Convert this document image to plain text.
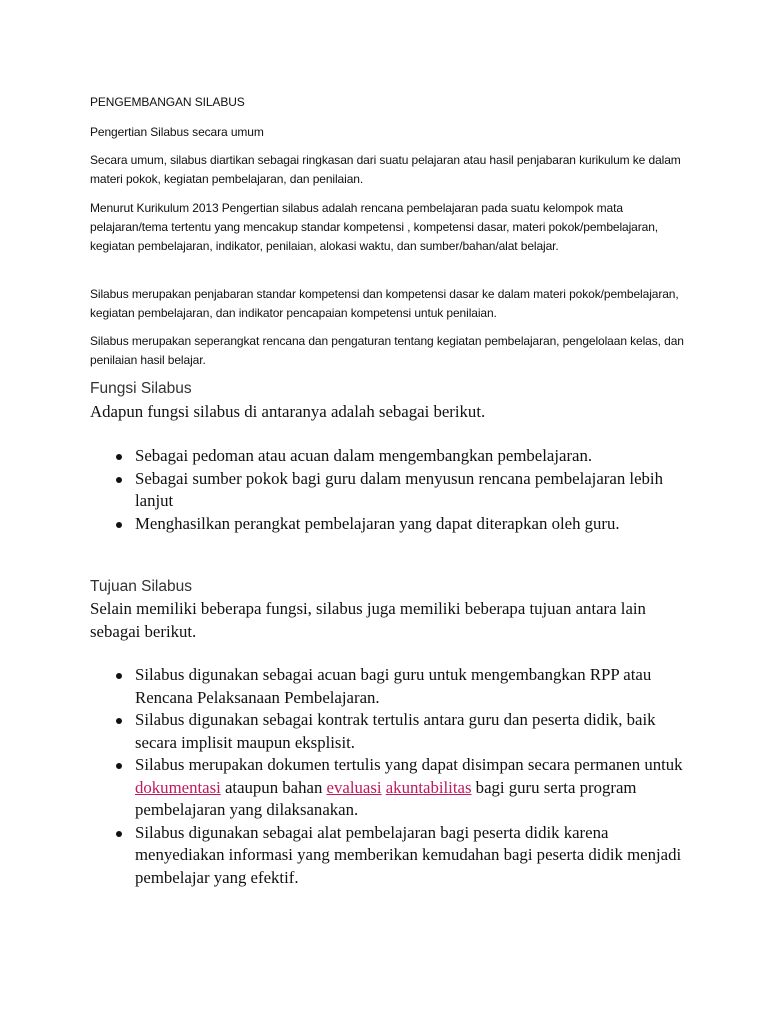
PENGEMBANGAN SILABUS

Pengertian Silabus secara umum

Secara umum, silabus diartikan sebagai ringkasan dari suatu pelajaran atau hasil penjabaran kurikulum ke dalam materi pokok, kegiatan pembelajaran, dan penilaian.

Menurut Kurikulum 2013 Pengertian silabus adalah rencana pembelajaran pada suatu kelompok mata pelajaran/tema tertentu yang mencakup standar kompetensi , kompetensi dasar, materi pokok/pembelajaran, kegiatan pembelajaran, indikator, penilaian, alokasi waktu, dan sumber/bahan/alat belajar.

Silabus merupakan penjabaran standar kompetensi dan kompetensi dasar ke dalam materi pokok/pembelajaran, kegiatan pembelajaran, dan indikator pencapaian kompetensi untuk penilaian.

Silabus merupakan seperangkat rencana dan pengaturan tentang kegiatan pembelajaran, pengelolaan kelas, dan penilaian hasil belajar.

Fungsi Silabus

Adapun fungsi silabus di antaranya adalah sebagai berikut.

Sebagai pedoman atau acuan dalam mengembangkan pembelajaran.
Sebagai sumber pokok bagi guru dalam menyusun rencana pembelajaran lebih lanjut
Menghasilkan perangkat pembelajaran yang dapat diterapkan oleh guru.
Tujuan Silabus

Selain memiliki beberapa fungsi, silabus juga memiliki beberapa tujuan antara lain sebagai berikut.

Silabus digunakan sebagai acuan bagi guru untuk mengembangkan RPP atau Rencana Pelaksanaan Pembelajaran.
Silabus digunakan sebagai kontrak tertulis antara guru dan peserta didik, baik secara implisit maupun eksplisit.
Silabus merupakan dokumen tertulis yang dapat disimpan secara permanen untuk dokumentasi ataupun bahan evaluasi akuntabilitas bagi guru serta program pembelajaran yang dilaksanakan.
Silabus digunakan sebagai alat pembelajaran bagi peserta didik karena menyediakan informasi yang memberikan kemudahan bagi peserta didik menjadi pembelajar yang efektif.
